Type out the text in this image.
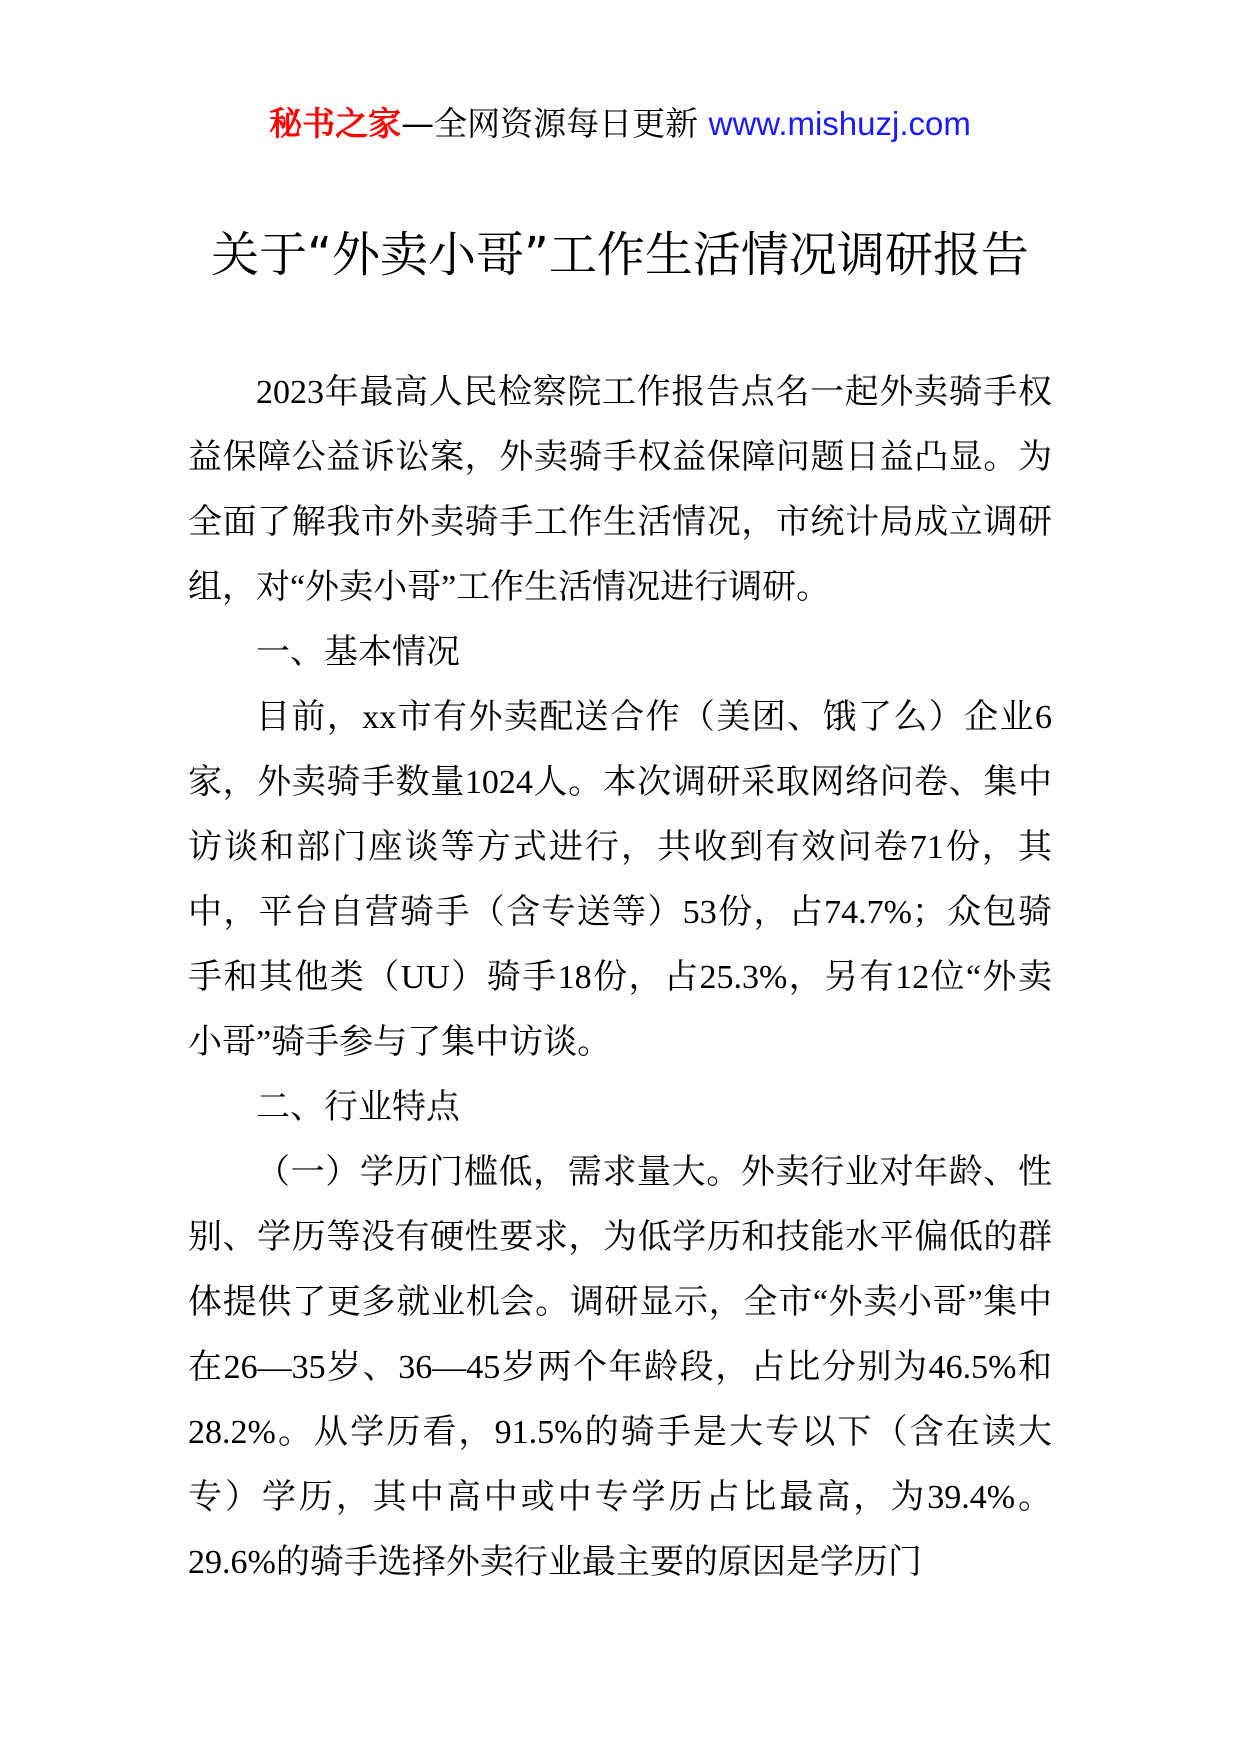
秘书之家—全网资源每日更新 www.mishuzj.com
关于“外卖小哥”工作生活情况调研报告

2023年最高人民检察院工作报告点名一起外卖骑手权益保障公益诉讼案，外卖骑手权益保障问题日益凸显。为全面了解我市外卖骑手工作生活情况，市统计局成立调研组，对“外卖小哥”工作生活情况进行调研。

一、基本情况

目前，xx市有外卖配送合作（美团、饿了么）企业6家，外卖骑手数量1024人。本次调研采取网络问卷、集中访谈和部门座谈等方式进行，共收到有效问卷71份，其中，平台自营骑手（含专送等）53份，占74.7%；众包骑手和其他类（UU）骑手18份，占25.3%，另有12位“外卖小哥”骑手参与了集中访谈。

二、行业特点

（一）学历门槛低，需求量大。外卖行业对年龄、性别、学历等没有硬性要求，为低学历和技能水平偏低的群体提供了更多就业机会。调研显示，全市“外卖小哥”集中在26—35岁、36—45岁两个年龄段，占比分别为46.5%和28.2%。从学历看，91.5%的骑手是大专以下（含在读大专）学历，其中高中或中专学历占比最高，为39.4%。29.6%的骑手选择外卖行业最主要的原因是学历门
